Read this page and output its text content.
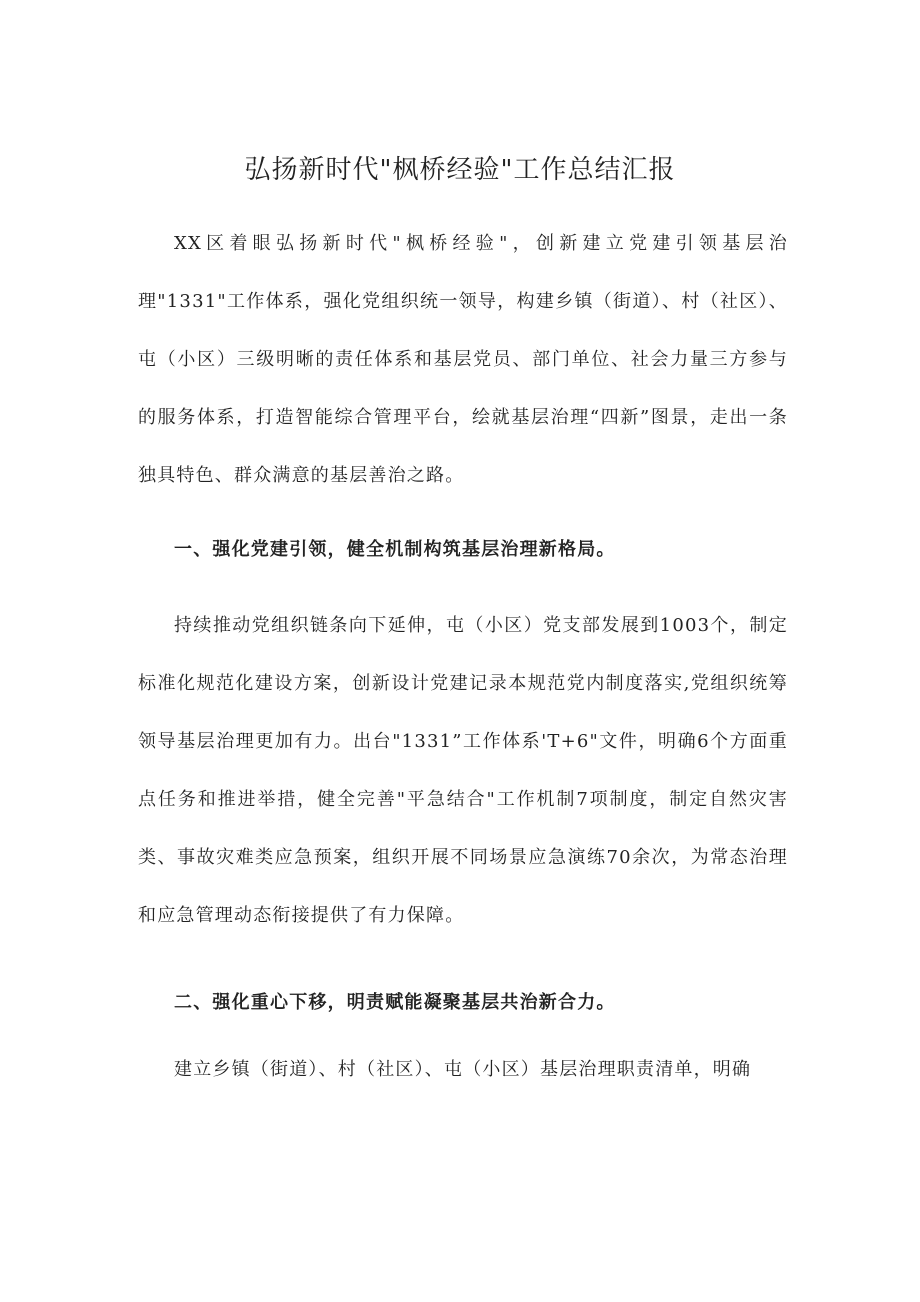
弘扬新时代"枫桥经验"工作总结汇报

XX区着眼弘扬新时代"枫桥经验"，创新建立党建引领基层治理"1331"工作体系，强化党组织统一领导，构建乡镇（街道）、村（社区）、屯（小区）三级明晰的责任体系和基层党员、部门单位、社会力量三方参与的服务体系，打造智能综合管理平台，绘就基层治理“四新”图景，走出一条独具特色、群众满意的基层善治之路。

一、强化党建引领，健全机制构筑基层治理新格局。

持续推动党组织链条向下延伸，屯（小区）党支部发展到1003个，制定标准化规范化建设方案，创新设计党建记录本规范党内制度落实,党组织统筹领导基层治理更加有力。出台"1331”工作体系'T+6"文件，明确6个方面重点任务和推进举措，健全完善"平急结合"工作机制7项制度，制定自然灾害类、事故灾难类应急预案，组织开展不同场景应急演练70余次，为常态治理和应急管理动态衔接提供了有力保障。

二、强化重心下移，明责赋能凝聚基层共治新合力。

建立乡镇（街道）、村（社区）、屯（小区）基层治理职责清单，明确
